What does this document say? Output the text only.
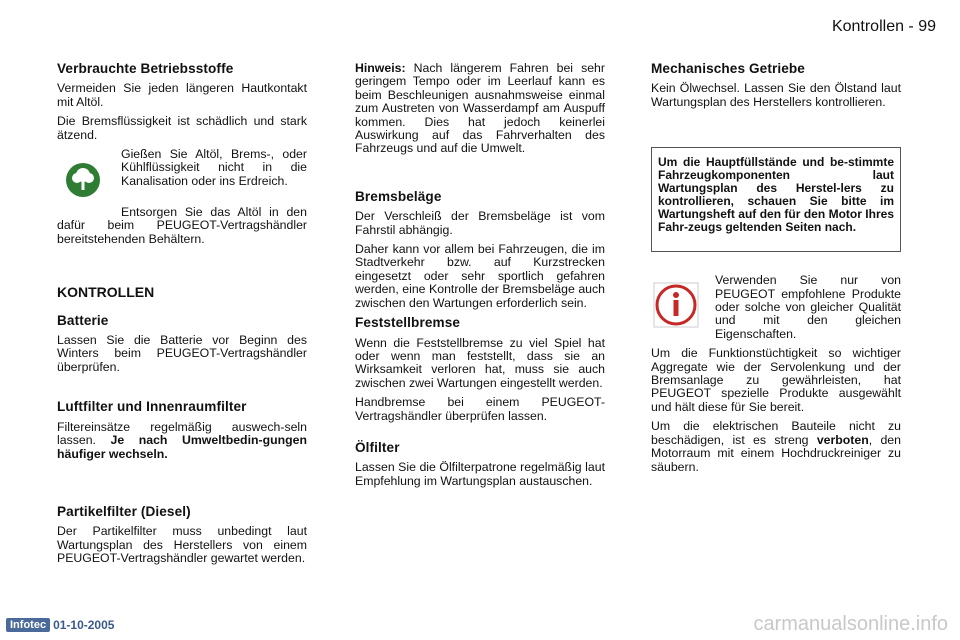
Kontrollen - 99
Verbrauchte Betriebsstoffe

Vermeiden Sie jeden längeren Hautkontakt mit Altöl.

Die Bremsflüssigkeit ist schädlich und stark ätzend.

Gießen Sie Altöl, Brems-, oder Kühlflüssigkeit nicht in die Kanalisation oder ins Erdreich.

Entsorgen Sie das Altöl in den dafür beim PEUGEOT-Vertragshändler bereitstehenden Behältern.

KONTROLLEN
Batterie

Lassen Sie die Batterie vor Beginn des Winters beim PEUGEOT-Vertragshändler überprüfen.

Luftfilter und Innenraumfilter

Filtereinsätze regelmäßig auswech-seln lassen. Je nach Umweltbedin-gungen häufiger wechseln.

Partikelfilter (Diesel)

Der Partikelfilter muss unbedingt laut Wartungsplan des Herstellers von einem PEUGEOT-Vertragshändler gewartet werden.

Hinweis: Nach längerem Fahren bei sehr geringem Tempo oder im Leerlauf kann es beim Beschleunigen ausnahmsweise einmal zum Austreten von Wasserdampf am Auspuff kommen. Dies hat jedoch keinerlei Auswirkung auf das Fahrverhalten des Fahrzeugs und auf die Umwelt.

Bremsbeläge

Der Verschleiß der Bremsbeläge ist vom Fahrstil abhängig.

Daher kann vor allem bei Fahrzeugen, die im Stadtverkehr bzw. auf Kurzstrecken eingesetzt oder sehr sportlich gefahren werden, eine Kontrolle der Bremsbeläge auch zwischen den Wartungen erforderlich sein.

Feststellbremse

Wenn die Feststellbremse zu viel Spiel hat oder wenn man feststellt, dass sie an Wirksamkeit verloren hat, muss sie auch zwischen zwei Wartungen eingestellt werden.

Handbremse bei einem PEUGEOT-Vertragshändler überprüfen lassen.

Ölfilter

Lassen Sie die Ölfilterpatrone regelmäßig laut Empfehlung im Wartungsplan austauschen.

Mechanisches Getriebe

Kein Ölwechsel. Lassen Sie den Ölstand laut Wartungsplan des Herstellers kontrollieren.

Um die Hauptfüllstände und be-stimmte Fahrzeugkomponenten laut Wartungsplan des Herstel-lers zu kontrollieren, schauen Sie bitte im Wartungsheft auf den für den Motor Ihres Fahr-zeugs geltenden Seiten nach.

Verwenden Sie nur von PEUGEOT empfohlene Produkte oder solche von gleicher Qualität und mit den gleichen Eigenschaften.

Um die Funktionstüchtigkeit so wichtiger Aggregate wie der Servolenkung und der Bremsanlage zu gewährleisten, hat PEUGEOT spezielle Produkte ausgewählt und hält diese für Sie bereit.

Um die elektrischen Bauteile nicht zu beschädigen, ist es streng verboten, den Motorraum mit einem Hochdruckreiniger zu säubern.

Infotec 01-10-2005	carmanualsonline.info
